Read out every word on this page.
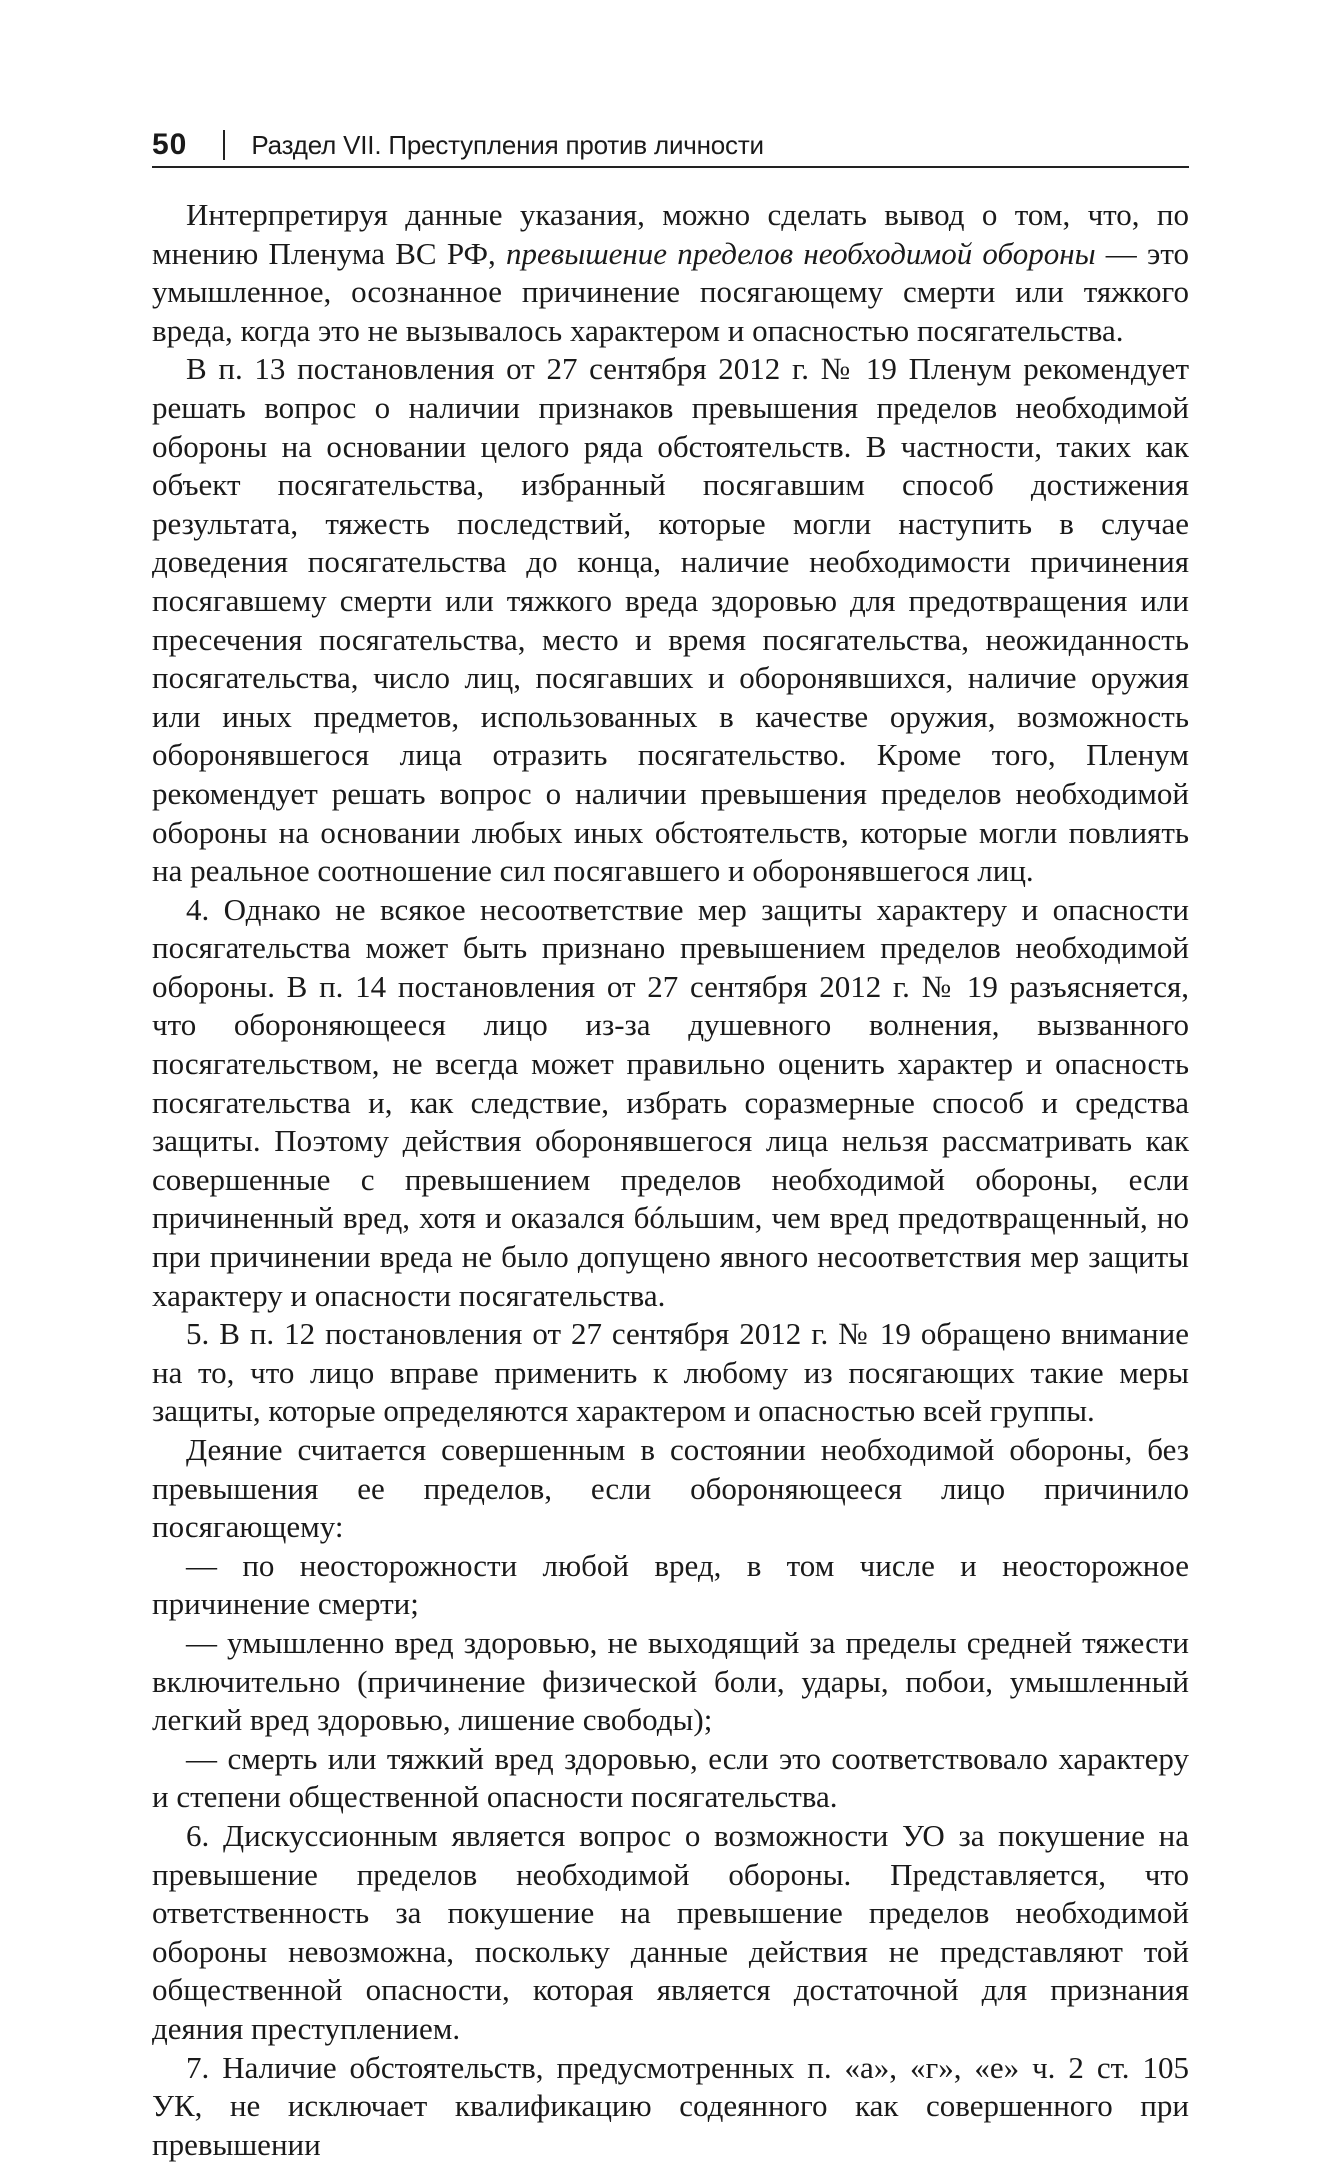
50 Раздел VII. Преступления против личности

Интерпретируя данные указания, можно сделать вывод о том, что, по мнению Пленума ВС РФ, превышение пределов необходимой обороны — это умышленное, осознанное причинение посягающему смерти или тяжкого вреда, когда это не вызывалось характером и опасностью посягательства.

В п. 13 постановления от 27 сентября 2012 г. № 19 Пленум рекомендует решать вопрос о наличии признаков превышения пределов необходимой обороны на основании целого ряда обстоятельств. В частности, таких как объект посягательства, избранный посягавшим способ достижения результата, тяжесть последствий, которые могли наступить в случае доведения посягательства до конца, наличие необходимости причинения посягавшему смерти или тяжкого вреда здоровью для предотвращения или пресечения посягательства, место и время посягательства, неожиданность посягательства, число лиц, посягавших и оборонявшихся, наличие оружия или иных предметов, использованных в качестве оружия, возможность оборонявшегося лица отразить посягательство. Кроме того, Пленум рекомендует решать вопрос о наличии превышения пределов необходимой обороны на основании любых иных обстоятельств, которые могли повлиять на реальное соотношение сил посягавшего и оборонявшегося лиц.

4. Однако не всякое несоответствие мер защиты характеру и опасности посягательства может быть признано превышением пределов необходимой обороны. В п. 14 постановления от 27 сентября 2012 г. № 19 разъясняется, что обороняющееся лицо из-за душевного волнения, вызванного посягательством, не всегда может правильно оценить характер и опасность посягательства и, как следствие, избрать соразмерные способ и средства защиты. Поэтому действия оборонявшегося лица нельзя рассматривать как совершенные с превышением пределов необходимой обороны, если причиненный вред, хотя и оказался бóльшим, чем вред предотвращенный, но при причинении вреда не было допущено явного несоответствия мер защиты характеру и опасности посягательства.

5. В п. 12 постановления от 27 сентября 2012 г. № 19 обращено внимание на то, что лицо вправе применить к любому из посягающих такие меры защиты, которые определяются характером и опасностью всей группы.

Деяние считается совершенным в состоянии необходимой обороны, без превышения ее пределов, если обороняющееся лицо причинило посягающему:

— по неосторожности любой вред, в том числе и неосторожное причинение смерти;

— умышленно вред здоровью, не выходящий за пределы средней тяжести включительно (причинение физической боли, удары, побои, умышленный легкий вред здоровью, лишение свободы);

— смерть или тяжкий вред здоровью, если это соответствовало характеру и степени общественной опасности посягательства.

6. Дискуссионным является вопрос о возможности УО за покушение на превышение пределов необходимой обороны. Представляется, что ответственность за покушение на превышение пределов необходимой обороны невозможна, поскольку данные действия не представляют той общественной опасности, которая является достаточной для признания деяния преступлением.

7. Наличие обстоятельств, предусмотренных п. «а», «г», «е» ч. 2 ст. 105 УК, не исключает квалификацию содеянного как совершенного при превышении
